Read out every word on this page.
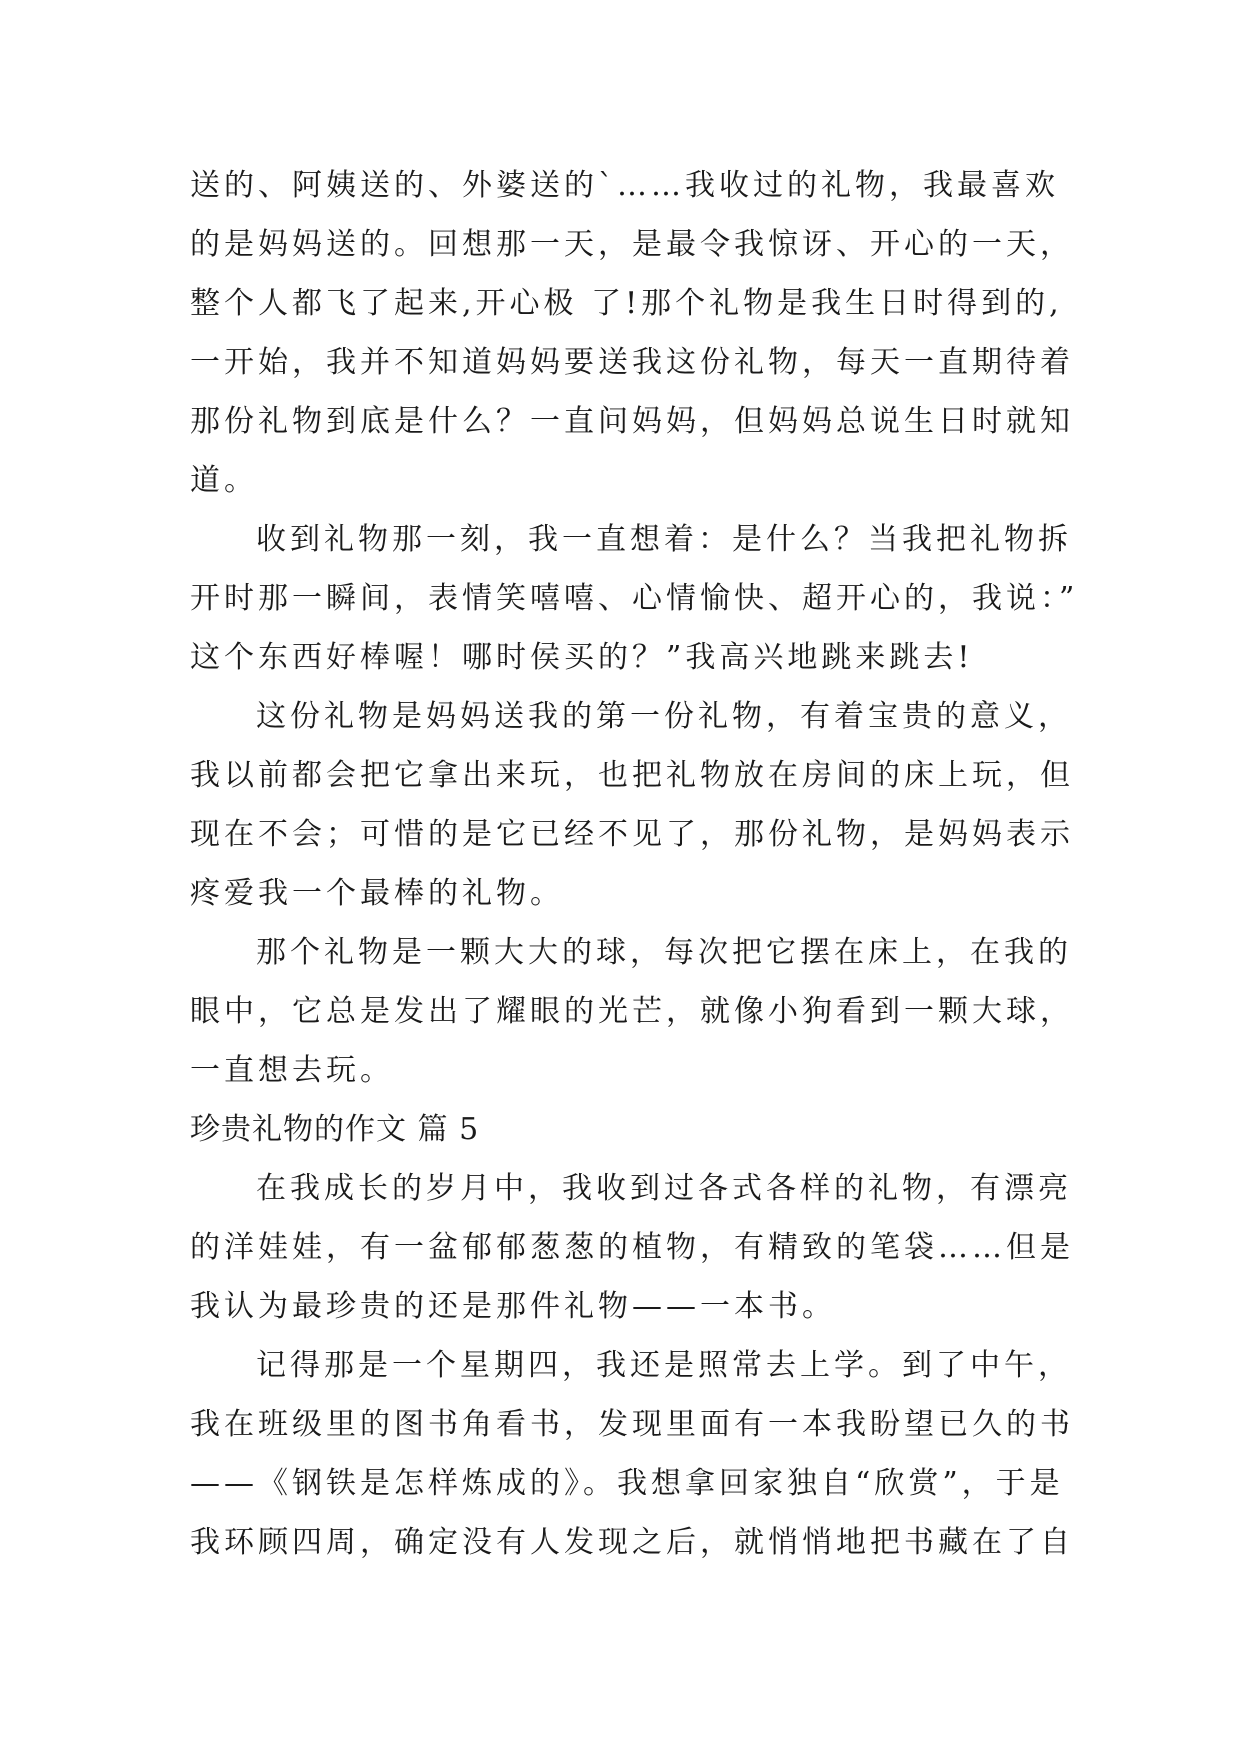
送的、阿姨送的、外婆送的`……我收过的礼物，我最喜欢
的是妈妈送的。回想那一天，是最令我惊讶、开心的一天，
整个人都飞了起来,开心极 了!那个礼物是我生日时得到的,
一开始，我并不知道妈妈要送我这份礼物，每天一直期待着
那份礼物到底是什么？一直问妈妈，但妈妈总说生日时就知
道。
收到礼物那一刻，我一直想着：是什么？当我把礼物拆
开时那一瞬间，表情笑嘻嘻、心情愉快、超开心的，我说：”
这个东西好棒喔！哪时侯买的？”我高兴地跳来跳去!
这份礼物是妈妈送我的第一份礼物，有着宝贵的意义，
我以前都会把它拿出来玩，也把礼物放在房间的床上玩，但
现在不会；可惜的是它已经不见了，那份礼物，是妈妈表示
疼爱我一个最棒的礼物。
那个礼物是一颗大大的球，每次把它摆在床上，在我的
眼中，它总是发出了耀眼的光芒，就像小狗看到一颗大球，
一直想去玩。
珍贵礼物的作文 篇 5
在我成长的岁月中，我收到过各式各样的礼物，有漂亮
的洋娃娃，有一盆郁郁葱葱的植物，有精致的笔袋……但是
我认为最珍贵的还是那件礼物——一本书。
记得那是一个星期四，我还是照常去上学。到了中午，
我在班级里的图书角看书，发现里面有一本我盼望已久的书
——《钢铁是怎样炼成的》。我想拿回家独自“欣赏”，于是
我环顾四周，确定没有人发现之后，就悄悄地把书藏在了自
